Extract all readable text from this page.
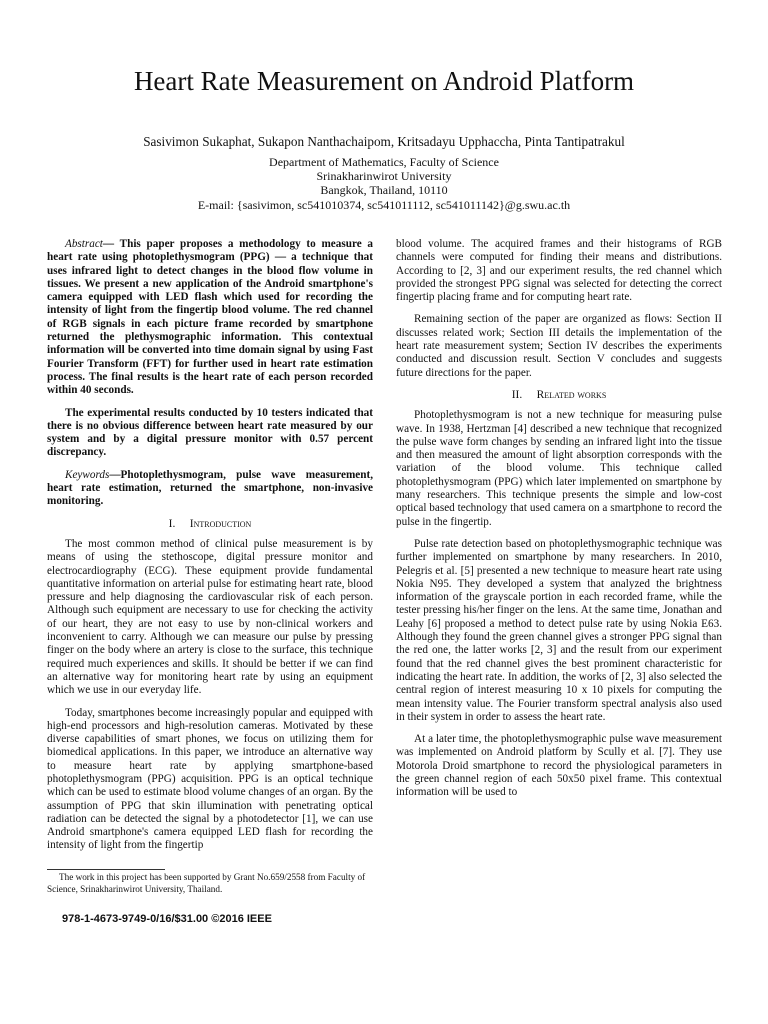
Heart Rate Measurement on Android Platform
Sasivimon Sukaphat, Sukapon Nanthachaipom, Kritsadayu Upphaccha, Pinta Tantipatrakul
Department of Mathematics, Faculty of Science
Srinakharinwirot University
Bangkok, Thailand, 10110
E-mail: {sasivimon, sc541010374, sc541011112, sc541011142}@g.swu.ac.th

Abstract— This paper proposes a methodology to measure a heart rate using photoplethysmogram (PPG) — a technique that uses infrared light to detect changes in the blood flow volume in tissues. We present a new application of the Android smartphone's camera equipped with LED flash which used for recording the intensity of light from the fingertip blood volume. The red channel of RGB signals in each picture frame recorded by smartphone returned the plethysmographic information. This contextual information will be converted into time domain signal by using Fast Fourier Transform (FFT) for further used in heart rate estimation process. The final results is the heart rate of each person recorded within 40 seconds.

The experimental results conducted by 10 testers indicated that there is no obvious difference between heart rate measured by our system and by a digital pressure monitor with 0.57 percent discrepancy.

Keywords—Photoplethysmogram, pulse wave measurement, heart rate estimation, returned the smartphone, non-invasive monitoring.

I. Introduction

The most common method of clinical pulse measurement is by means of using the stethoscope, digital pressure monitor and electrocardiography (ECG). These equipment provide fundamental quantitative information on arterial pulse for estimating heart rate, blood pressure and help diagnosing the cardiovascular risk of each person. Although such equipment are necessary to use for checking the activity of our heart, they are not easy to use by non-clinical workers and inconvenient to carry. Although we can measure our pulse by pressing finger on the body where an artery is close to the surface, this technique required much experiences and skills. It should be better if we can find an alternative way for monitoring heart rate by using an equipment which we use in our everyday life.

Today, smartphones become increasingly popular and equipped with high-end processors and high-resolution cameras. Motivated by these diverse capabilities of smart phones, we focus on utilizing them for biomedical applications. In this paper, we introduce an alternative way to measure heart rate by applying smartphone-based photoplethysmogram (PPG) acquisition. PPG is an optical technique which can be used to estimate blood volume changes of an organ. By the assumption of PPG that skin illumination with penetrating optical radiation can be detected the signal by a photodetector [1], we can use Android smartphone's camera equipped LED flash for recording the intensity of light from the fingertip

blood volume. The acquired frames and their histograms of RGB channels were computed for finding their means and distributions. According to [2, 3] and our experiment results, the red channel which provided the strongest PPG signal was selected for detecting the correct fingertip placing frame and for computing heart rate.

Remaining section of the paper are organized as flows: Section II discusses related work; Section III details the implementation of the heart rate measurement system; Section IV describes the experiments conducted and discussion result. Section V concludes and suggests future directions for the paper.

II. Related works

Photoplethysmogram is not a new technique for measuring pulse wave. In 1938, Hertzman [4] described a new technique that recognized the pulse wave form changes by sending an infrared light into the tissue and then measured the amount of light absorption corresponds with the variation of the blood volume. This technique called photoplethysmogram (PPG) which later implemented on smartphone by many researchers. This technique presents the simple and low-cost optical based technology that used camera on a smartphone to record the pulse in the fingertip.

Pulse rate detection based on photoplethysmographic technique was further implemented on smartphone by many researchers. In 2010, Pelegris et al. [5] presented a new technique to measure heart rate using Nokia N95. They developed a system that analyzed the brightness information of the grayscale portion in each recorded frame, while the tester pressing his/her finger on the lens. At the same time, Jonathan and Leahy [6] proposed a method to detect pulse rate by using Nokia E63. Although they found the green channel gives a stronger PPG signal than the red one, the latter works [2, 3] and the result from our experiment found that the red channel gives the best prominent characteristic for indicating the heart rate. In addition, the works of [2, 3] also selected the central region of interest measuring 10 x 10 pixels for computing the mean intensity value. The Fourier transform spectral analysis also used in their system in order to assess the heart rate.

At a later time, the photoplethysmographic pulse wave measurement was implemented on Android platform by Scully et al. [7]. They use Motorola Droid smartphone to record the physiological parameters in the green channel region of each 50x50 pixel frame. This contextual information will be used to

The work in this project has been supported by Grant No.659/2558 from Faculty of Science, Srinakharinwirot University, Thailand.
978-1-4673-9749-0/16/$31.00 ©2016 IEEE
